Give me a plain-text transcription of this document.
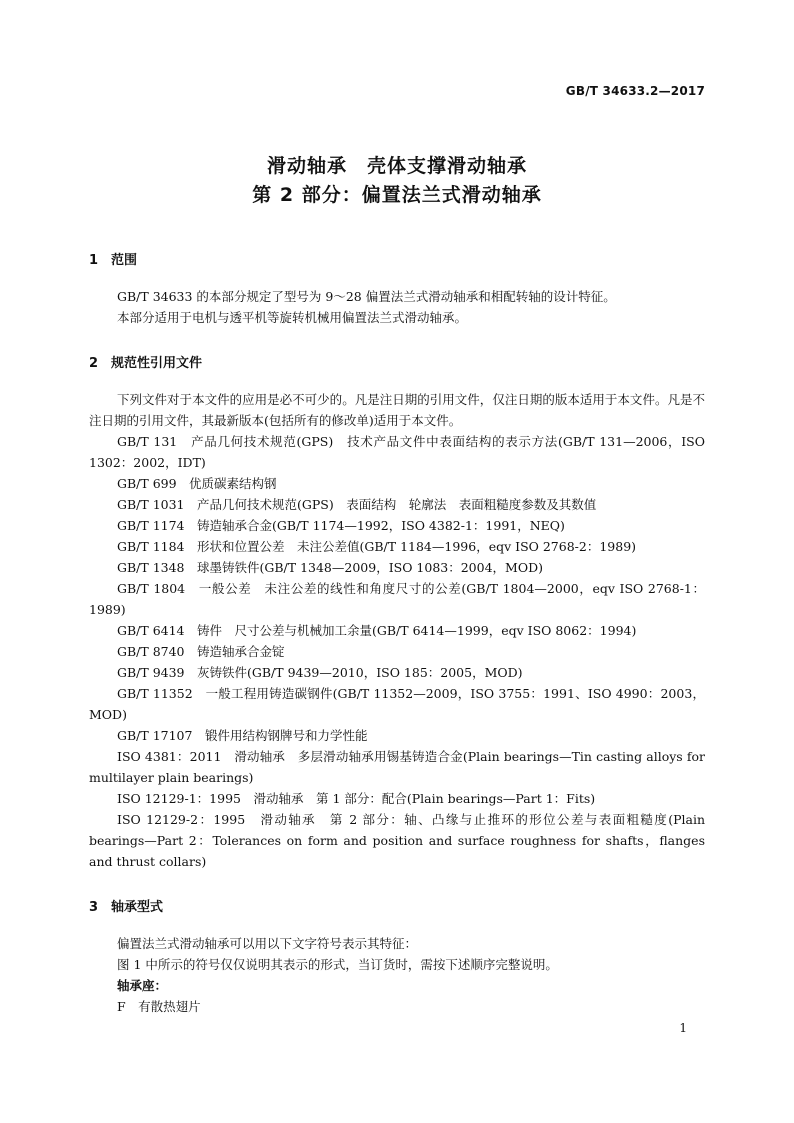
GB/T 34633.2—2017
滑动轴承　壳体支撑滑动轴承
第 2 部分：偏置法兰式滑动轴承
1 范围

GB/T 34633 的本部分规定了型号为 9～28 偏置法兰式滑动轴承和相配转轴的设计特征。

本部分适用于电机与透平机等旋转机械用偏置法兰式滑动轴承。

2 规范性引用文件

下列文件对于本文件的应用是必不可少的。凡是注日期的引用文件，仅注日期的版本适用于本文件。凡是不注日期的引用文件，其最新版本(包括所有的修改单)适用于本文件。

GB/T 131　产品几何技术规范(GPS)　技术产品文件中表面结构的表示方法(GB/T 131—2006，ISO 1302：2002，IDT)

GB/T 699　优质碳素结构钢

GB/T 1031　产品几何技术规范(GPS)　表面结构　轮廓法　表面粗糙度参数及其数值

GB/T 1174　铸造轴承合金(GB/T 1174—1992，ISO 4382-1：1991，NEQ)

GB/T 1184　形状和位置公差　未注公差值(GB/T 1184—1996，eqv ISO 2768-2：1989)

GB/T 1348　球墨铸铁件(GB/T 1348—2009，ISO 1083：2004，MOD)

GB/T 1804　一般公差　未注公差的线性和角度尺寸的公差(GB/T 1804—2000，eqv ISO 2768-1：1989)

GB/T 6414　铸件　尺寸公差与机械加工余量(GB/T 6414—1999，eqv ISO 8062：1994)

GB/T 8740　铸造轴承合金锭

GB/T 9439　灰铸铁件(GB/T 9439—2010，ISO 185：2005，MOD)

GB/T 11352　一般工程用铸造碳钢件(GB/T 11352—2009，ISO 3755：1991、ISO 4990：2003，MOD)

GB/T 17107　锻件用结构钢牌号和力学性能

ISO 4381：2011　滑动轴承　多层滑动轴承用锡基铸造合金(Plain bearings—Tin casting alloys for multilayer plain bearings)

ISO 12129-1：1995　滑动轴承　第 1 部分：配合(Plain bearings—Part 1：Fits)

ISO 12129-2：1995　滑动轴承　第 2 部分：轴、凸缘与止推环的形位公差与表面粗糙度(Plain bearings—Part 2：Tolerances on form and position and surface roughness for shafts，flanges and thrust collars)

3 轴承型式

偏置法兰式滑动轴承可以用以下文字符号表示其特征：

图 1 中所示的符号仅仅说明其表示的形式，当订货时，需按下述顺序完整说明。

轴承座：

F　有散热翅片

1
